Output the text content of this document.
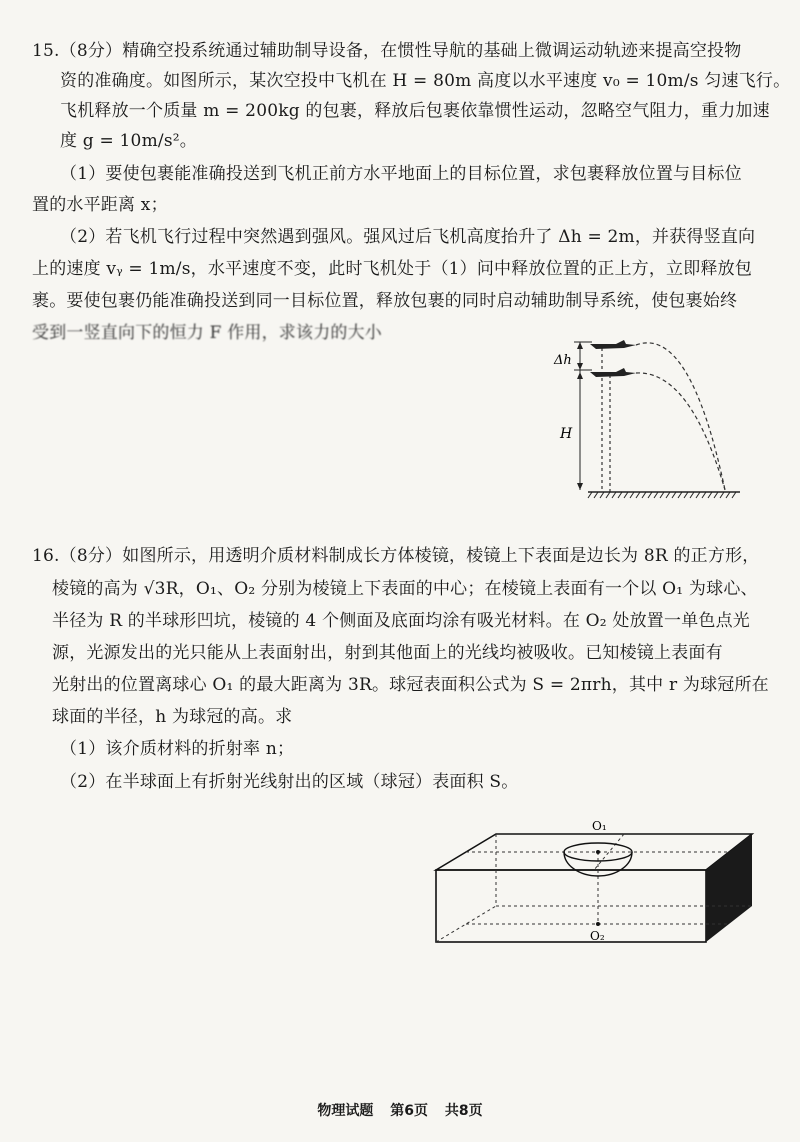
15.（8分）精确空投系统通过辅助制导设备，在惯性导航的基础上微调运动轨迹来提高空投物
资的准确度。如图所示，某次空投中飞机在 H = 80m 高度以水平速度 v₀ = 10m/s 匀速飞行。
飞机释放一个质量 m = 200kg 的包裹，释放后包裹依靠惯性运动，忽略空气阻力，重力加速
度 g = 10m/s²。
（1）要使包裹能准确投送到飞机正前方水平地面上的目标位置，求包裹释放位置与目标位
置的水平距离 x；
（2）若飞机飞行过程中突然遇到强风。强风过后飞机高度抬升了 Δh = 2m，并获得竖直向
上的速度 vᵧ = 1m/s，水平速度不变，此时飞机处于（1）问中释放位置的正上方，立即释放包
裹。要使包裹仍能准确投送到同一目标位置，释放包裹的同时启动辅助制导系统，使包裹始终
受到一竖直向下的恒力 F 作用，求该力的大小
Δh
H
16.（8分）如图所示，用透明介质材料制成长方体棱镜，棱镜上下表面是边长为 8R 的正方形，
棱镜的高为 √3R，O₁、O₂ 分别为棱镜上下表面的中心；在棱镜上表面有一个以 O₁ 为球心、
半径为 R 的半球形凹坑，棱镜的 4 个侧面及底面均涂有吸光材料。在 O₂ 处放置一单色点光
源，光源发出的光只能从上表面射出，射到其他面上的光线均被吸收。已知棱镜上表面有
光射出的位置离球心 O₁ 的最大距离为 3R。球冠表面积公式为 S = 2πrh，其中 r 为球冠所在
球面的半径，h 为球冠的高。求
（1）该介质材料的折射率 n；
（2）在半球面上有折射光线射出的区域（球冠）表面积 S。
O₁
O₂
物理试题 第6页 共8页
